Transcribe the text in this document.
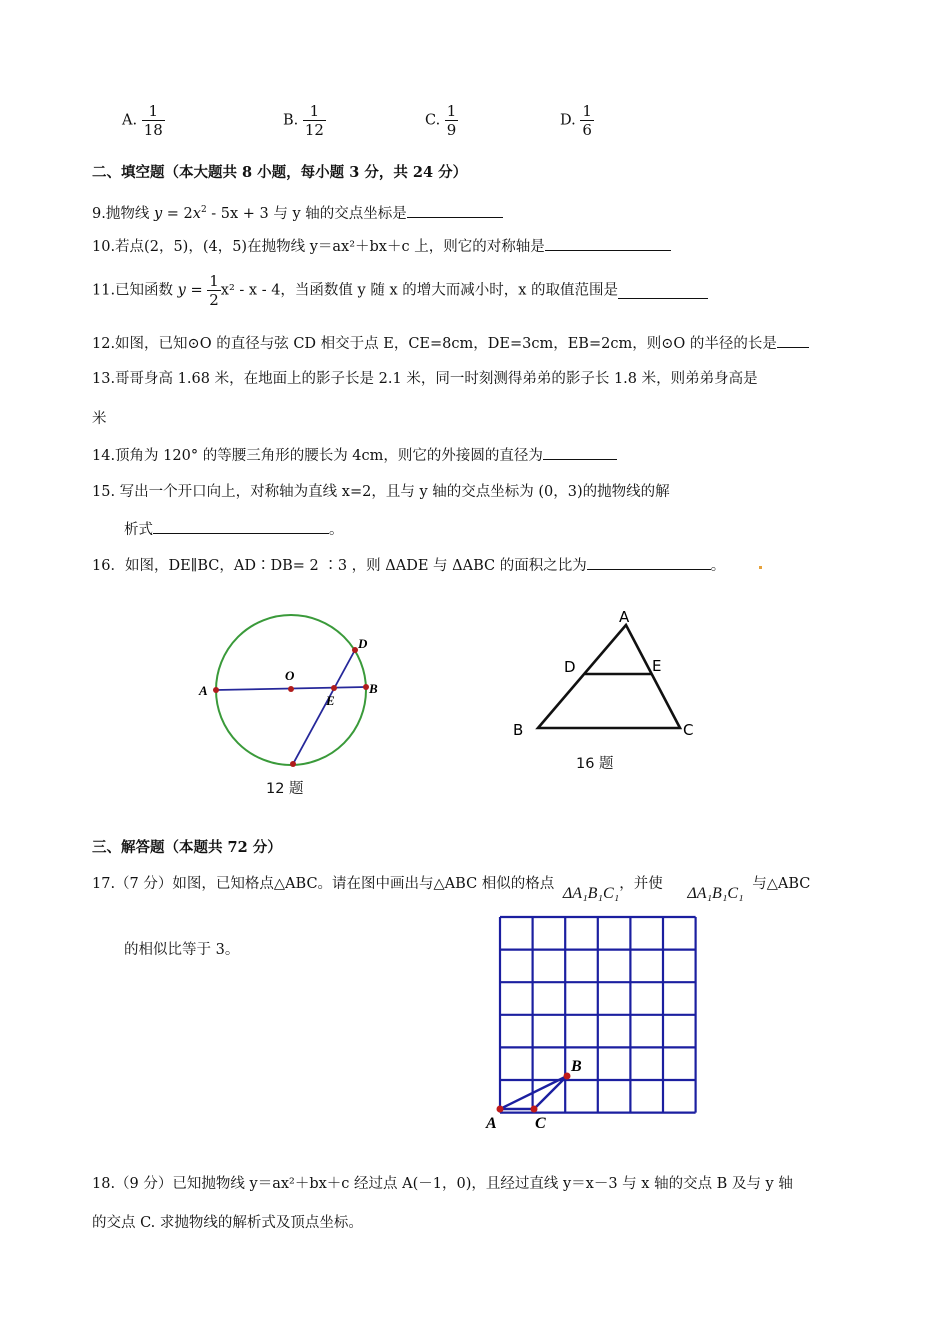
A. $\frac{1}{18}$	B. $\frac{1}{12}$	C. $\frac{1}{9}$	D. $\frac{1}{6}$
二、填空题（本大题共 8 小题，每小题 3 分，共 24 分）
9.抛物线 $y = 2x^2 - 5x + 3$ 与 y 轴的交点坐标是
10.若点(2，5)，(4，5)在抛物线 y＝ax²＋bx＋c 上，则它的对称轴是
11.已知函数 $y = \frac{1}{2} x^2 - x - 4$，当函数值 y 随 x 的增大而减小时，x 的取值范围是
12.如图，已知⊙O 的直径与弦 CD 相交于点 E，CE=8cm，DE=3cm，EB=2cm，则⊙O 的半径的长是
13.哥哥身高 1.68 米，在地面上的影子长是 2.1 米，同一时刻测得弟弟的影子长 1.8 米，则弟弟身高是
米
14.顶角为 120° 的等腰三角形的腰长为 4cm，则它的外接圆的直径为
15. 写出一个开口向上，对称轴为直线 x=2，且与 y 轴的交点坐标为 (0，3)的抛物线的解
析式	。
16．如图，DE∥BC，AD∶DB= 2 ∶3 ，则 ΔADE 与 ΔABC 的面积之比为	。
A
O
E
B
D
12 题
A
D	E
B	C
16 题
三、解答题（本题共 72 分）
17.（7 分）如图，已知格点△ABC。请在图中画出与△ABC 相似的格点 ΔA₁B₁C₁，并使 ΔA₁B₁C₁ 与△ABC
的相似比等于 3。
A C
B
18.（9 分）已知抛物线 y＝ax²＋bx＋c 经过点 A(－1，0)，且经过直线 y＝x－3 与 x 轴的交点 B 及与 y 轴
的交点 C. 求抛物线的解析式及顶点坐标。
